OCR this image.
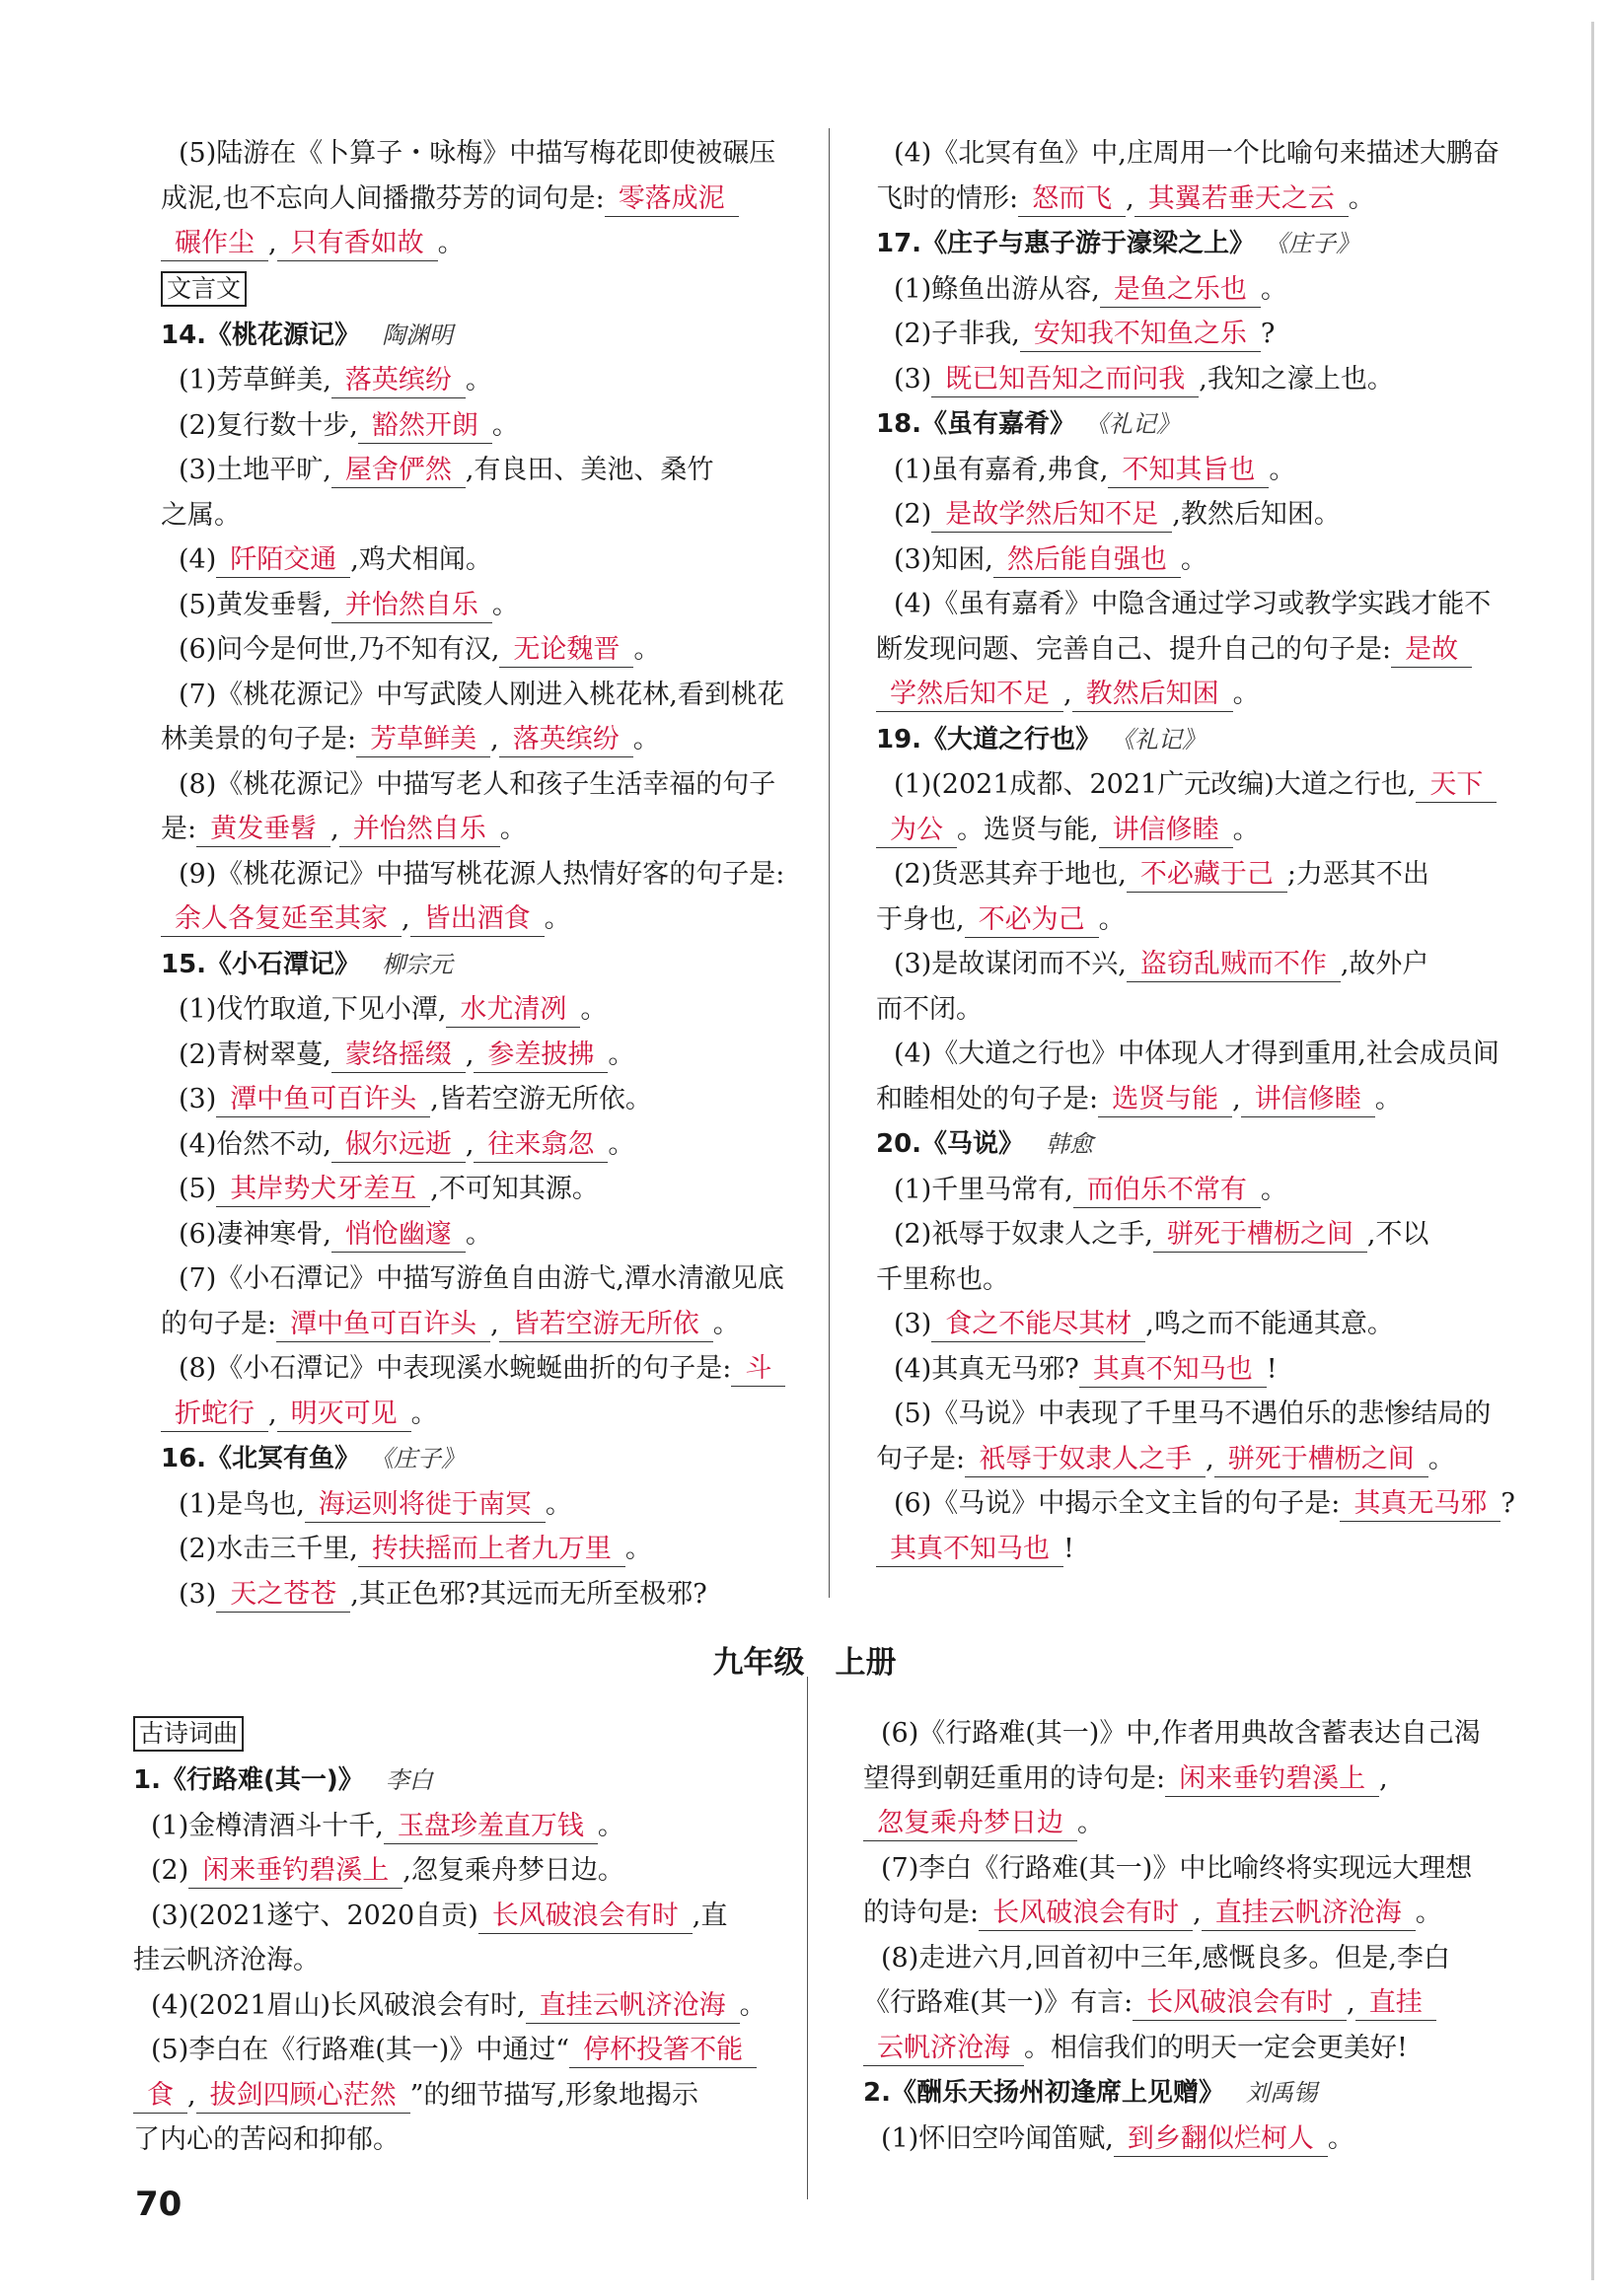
(5)陆游在《卜算子・咏梅》中描写梅花即使被碾压
成泥,也不忘向人间播撒芬芳的词句是: 零落成泥
碾作尘 , 只有香如故 。
文言文
14.《桃花源记》 陶渊明
(1)芳草鲜美, 落英缤纷 。
(2)复行数十步, 豁然开朗 。
(3)土地平旷, 屋舍俨然 ,有良田、美池、桑竹
之属。
(4) 阡陌交通 ,鸡犬相闻。
(5)黄发垂髫, 并怡然自乐 。
(6)问今是何世,乃不知有汉, 无论魏晋 。
(7)《桃花源记》中写武陵人刚进入桃花林,看到桃花
林美景的句子是: 芳草鲜美 , 落英缤纷 。
(8)《桃花源记》中描写老人和孩子生活幸福的句子
是: 黄发垂髫 , 并怡然自乐 。
(9)《桃花源记》中描写桃花源人热情好客的句子是:
余人各复延至其家 , 皆出酒食 。
15.《小石潭记》 柳宗元
(1)伐竹取道,下见小潭, 水尤清冽 。
(2)青树翠蔓, 蒙络摇缀 , 参差披拂 。
(3) 潭中鱼可百许头 ,皆若空游无所依。
(4)佁然不动, 俶尔远逝 , 往来翕忽 。
(5) 其岸势犬牙差互 ,不可知其源。
(6)凄神寒骨, 悄怆幽邃 。
(7)《小石潭记》中描写游鱼自由游弋,潭水清澈见底
的句子是: 潭中鱼可百许头 , 皆若空游无所依 。
(8)《小石潭记》中表现溪水蜿蜒曲折的句子是: 斗
折蛇行 , 明灭可见 。
16.《北冥有鱼》 《庄子》
(1)是鸟也, 海运则将徙于南冥 。
(2)水击三千里, 抟扶摇而上者九万里 。
(3) 天之苍苍 ,其正色邪?其远而无所至极邪?
(4)《北冥有鱼》中,庄周用一个比喻句来描述大鹏奋
飞时的情形: 怒而飞 , 其翼若垂天之云 。
17.《庄子与惠子游于濠梁之上》 《庄子》
(1)鲦鱼出游从容, 是鱼之乐也 。
(2)子非我, 安知我不知鱼之乐 ?
(3) 既已知吾知之而问我 ,我知之濠上也。
18.《虽有嘉肴》 《礼记》
(1)虽有嘉肴,弗食, 不知其旨也 。
(2) 是故学然后知不足 ,教然后知困。
(3)知困, 然后能自强也 。
(4)《虽有嘉肴》中隐含通过学习或教学实践才能不
断发现问题、完善自己、提升自己的句子是: 是故
学然后知不足 , 教然后知困 。
19.《大道之行也》 《礼记》
(1)(2021成都、2021广元改编)大道之行也, 天下
为公 。选贤与能, 讲信修睦 。
(2)货恶其弃于地也, 不必藏于己 ;力恶其不出
于身也, 不必为己 。
(3)是故谋闭而不兴, 盗窃乱贼而不作 ,故外户
而不闭。
(4)《大道之行也》中体现人才得到重用,社会成员间
和睦相处的句子是: 选贤与能 , 讲信修睦 。
20.《马说》 韩愈
(1)千里马常有, 而伯乐不常有 。
(2)祇辱于奴隶人之手, 骈死于槽枥之间 ,不以
千里称也。
(3) 食之不能尽其材 ,鸣之而不能通其意。
(4)其真无马邪? 其真不知马也 !
(5)《马说》中表现了千里马不遇伯乐的悲惨结局的
句子是: 祇辱于奴隶人之手 , 骈死于槽枥之间 。
(6)《马说》中揭示全文主旨的句子是: 其真无马邪 ?
其真不知马也 !
九年级　上册
古诗词曲
1.《行路难(其一)》 李白
(1)金樽清酒斗十千, 玉盘珍羞直万钱 。
(2) 闲来垂钓碧溪上 ,忽复乘舟梦日边。
(3)(2021遂宁、2020自贡) 长风破浪会有时 ,直
挂云帆济沧海。
(4)(2021眉山)长风破浪会有时, 直挂云帆济沧海 。
(5)李白在《行路难(其一)》中通过“ 停杯投箸不能
食 , 拔剑四顾心茫然 ”的细节描写,形象地揭示
了内心的苦闷和抑郁。
(6)《行路难(其一)》中,作者用典故含蓄表达自己渴
望得到朝廷重用的诗句是: 闲来垂钓碧溪上 ,
忽复乘舟梦日边 。
(7)李白《行路难(其一)》中比喻终将实现远大理想
的诗句是: 长风破浪会有时 , 直挂云帆济沧海 。
(8)走进六月,回首初中三年,感慨良多。但是,李白
《行路难(其一)》有言: 长风破浪会有时 , 直挂
云帆济沧海 。相信我们的明天一定会更美好!
2.《酬乐天扬州初逢席上见赠》 刘禹锡
(1)怀旧空吟闻笛赋, 到乡翻似烂柯人 。
70
